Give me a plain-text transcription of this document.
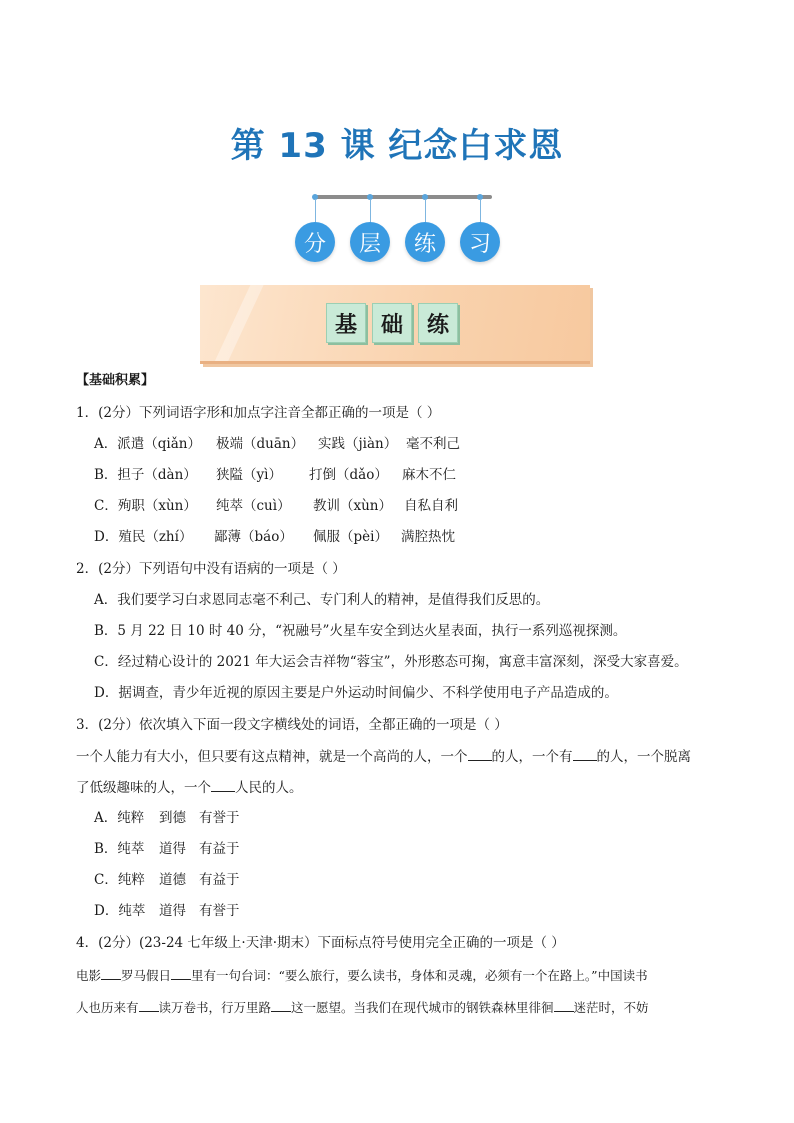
第 13 课 纪念白求恩
分	层	练	习
基	础	练
【基础积累】
1．(2分）下列词语字形和加点字注音全都正确的一项是（ ）
A．派遣（qiǎn） 极端（duān） 实践（jiàn） 毫不利己
B．担子（dàn） 狭隘（yì） 打倒（dǎo） 麻木不仁
C．殉职（xùn） 纯萃（cuì） 教训（xùn） 自私自利
D．殖民（zhí） 鄙薄（báo） 佩服（pèi） 满腔热忱
2．(2分）下列语句中没有语病的一项是（ ）
A．我们要学习白求恩同志毫不利己、专门利人的精神，是值得我们反思的。
B．5 月 22 日 10 时 40 分，“祝融号”火星车安全到达火星表面，执行一系列巡视探测。
C．经过精心设计的 2021 年大运会吉祥物“蓉宝”，外形憨态可掬，寓意丰富深刻，深受大家喜爱。
D．据调查，青少年近视的原因主要是户外运动时间偏少、不科学使用电子产品造成的。
3．(2分）依次填入下面一段文字横线处的词语，全都正确的一项是（ ）
一个人能力有大小，但只要有这点精神，就是一个高尚的人，一个 的人，一个有 的人，一个脱离
了低级趣味的人，一个 人民的人。
A．纯粹 到德 有誉于
B．纯萃 道得 有益于
C．纯粹 道德 有益于
D．纯萃 道得 有誉于
4．(2分）(23-24 七年级上·天津·期末）下面标点符号使用完全正确的一项是（ ）
电影 罗马假日 里有一句台词：“要么旅行，要么读书，身体和灵魂，必须有一个在路上。”中国读书
人也历来有 读万卷书，行万里路 这一愿望。当我们在现代城市的钢铁森林里徘徊 迷茫时，不妨
